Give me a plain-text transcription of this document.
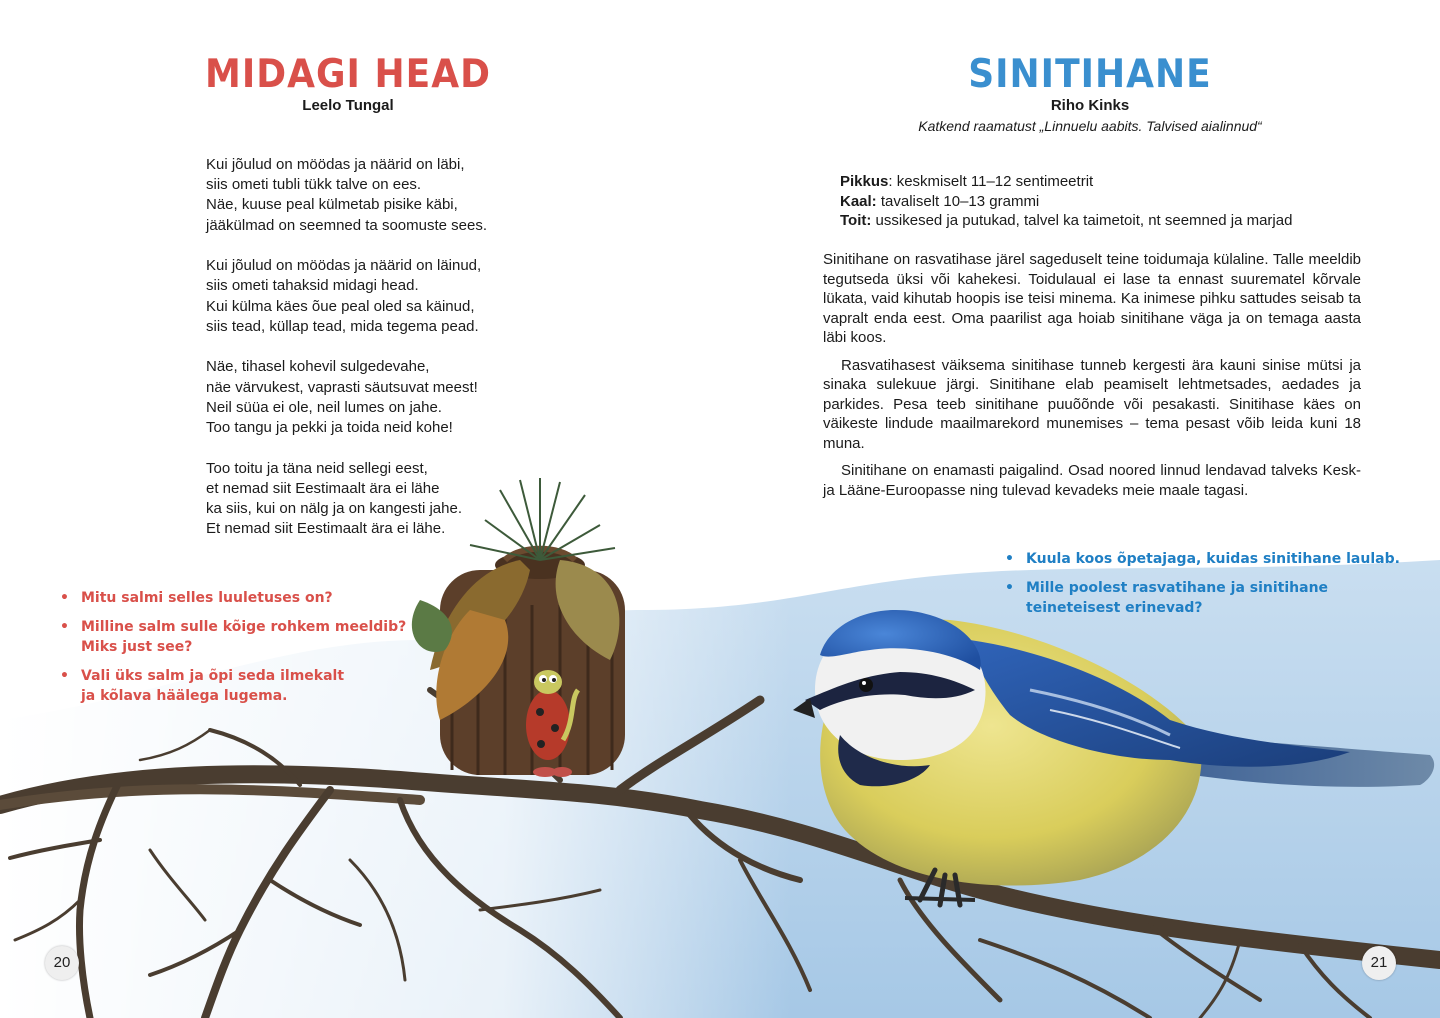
MIDAGI HEAD
Leelo Tungal
Kui jõulud on möödas ja näärid on läbi,
siis ometi tubli tükk talve on ees.
Näe, kuuse peal külmetab pisike käbi,
jääkülmad on seemned ta soomuste sees.
Kui jõulud on möödas ja näärid on läinud,
siis ometi tahaksid midagi head.
Kui külma käes õue peal oled sa käinud,
siis tead, küllap tead, mida tegema pead.
Näe, tihasel kohevil sulgedevahe,
näe värvukest, vaprasti säutsuvat meest!
Neil süüa ei ole, neil lumes on jahe.
Too tangu ja pekki ja toida neid kohe!
Too toitu ja täna neid sellegi eest,
et nemad siit Eestimaalt ära ei lähe
ka siis, kui on nälg ja on kangesti jahe.
Et nemad siit Eestimaalt ära ei lähe.
• Mitu salmi selles luuletuses on?
• Milline salm sulle kõige rohkem meeldib?
Miks just see?
• Vali üks salm ja õpi seda ilmekalt
ja kõlava häälega lugema.
20
SINITIHANE
Riho Kinks
Katkend raamatust „Linnuelu aabits. Talvised aialinnud“
Pikkus: keskmiselt 11–12 sentimeetrit
Kaal: tavaliselt 10–13 grammi
Toit: ussikesed ja putukad, talvel ka taimetoit, nt seemned ja marjad

Sinitihane on rasvatihase järel sageduselt teine toidumaja külaline. Talle meeldib tegutseda üksi või kahekesi. Toidulaual ei lase ta ennast suurematel kõrvale lükata, vaid kihutab hoopis ise teisi minema. Ka inimese pihku sattudes seisab ta vapralt enda eest. Oma paarilist aga hoiab sinitihane väga ja on temaga aasta läbi koos.

Rasvatihasest väiksema sinitihase tunneb kergesti ära kauni sinise mütsi ja sinaka sulekuue järgi. Sinitihane elab peamiselt lehtmetsades, aedades ja parkides. Pesa teeb sinitihane puuõõnde või pesakasti. Sinitihase käes on väikeste lindude maailmarekord munemises – tema pesast võib leida kuni 18 muna.

Sinitihane on enamasti paigalind. Osad noored linnud lendavad talveks Kesk- ja Lääne-Euroopasse ning tulevad kevadeks meie maale tagasi.

• Kuula koos õpetajaga, kuidas sinitihane laulab.
• Mille poolest rasvatihane ja sinitihane
teineteisest erinevad?
21
